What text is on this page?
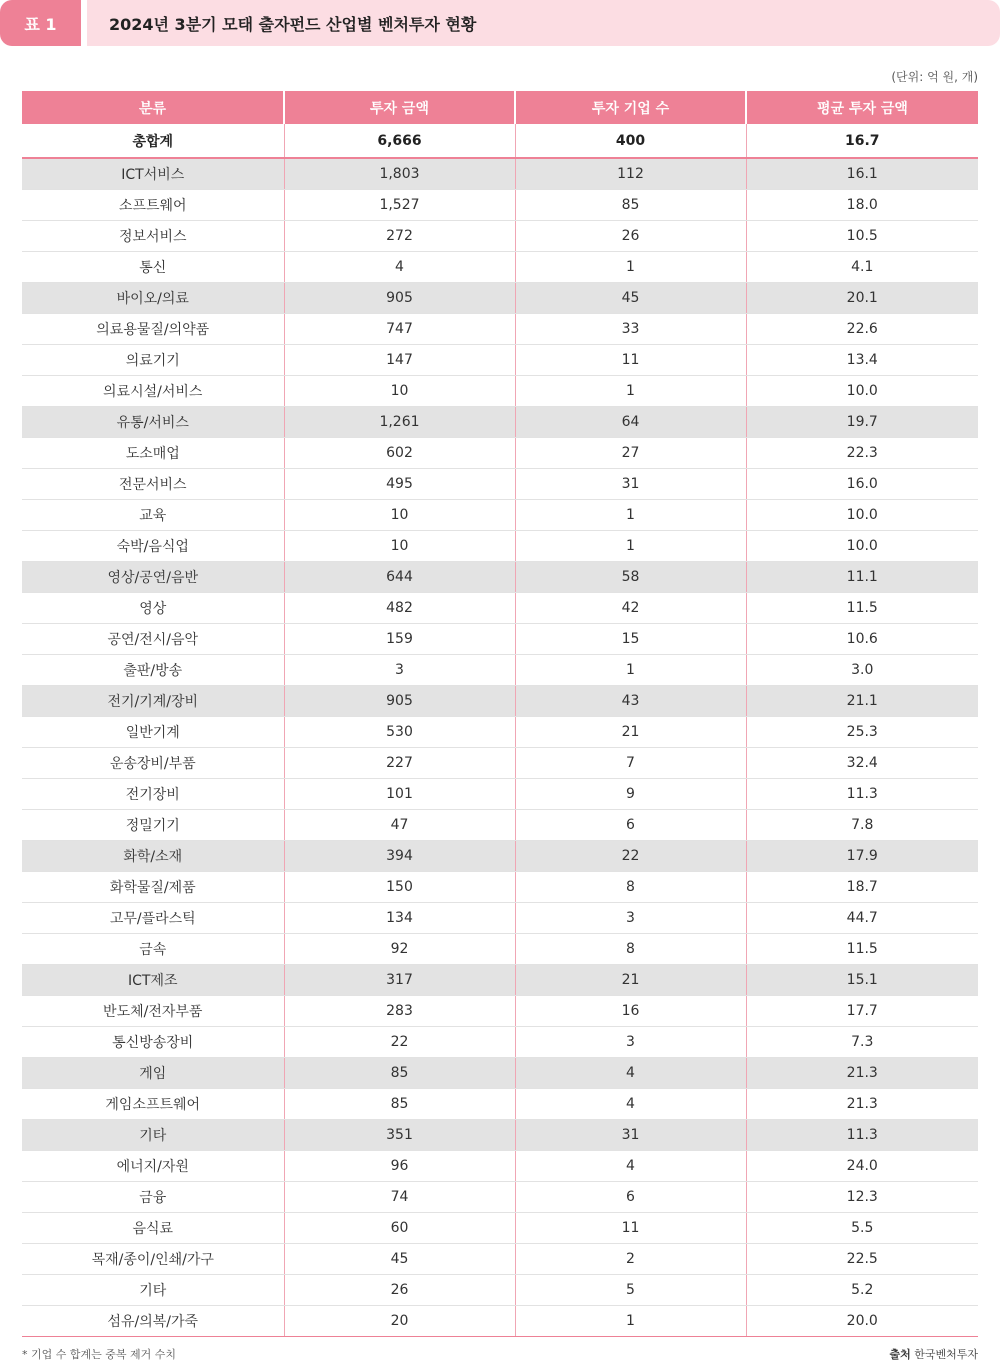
표 1	2024년 3분기 모태 출자펀드 산업별 벤처투자 현황
(단위: 억 원, 개)
분류	투자 금액	투자 기업 수	평균 투자 금액
총합계	6,666	400	16.7
ICT서비스	1,803	112	16.1
소프트웨어	1,527	85	18.0
정보서비스	272	26	10.5
통신	4	1	4.1
바이오/의료	905	45	20.1
의료용물질/의약품	747	33	22.6
의료기기	147	11	13.4
의료시설/서비스	10	1	10.0
유통/서비스	1,261	64	19.7
도소매업	602	27	22.3
전문서비스	495	31	16.0
교육	10	1	10.0
숙박/음식업	10	1	10.0
영상/공연/음반	644	58	11.1
영상	482	42	11.5
공연/전시/음악	159	15	10.6
출판/방송	3	1	3.0
전기/기계/장비	905	43	21.1
일반기계	530	21	25.3
운송장비/부품	227	7	32.4
전기장비	101	9	11.3
정밀기기	47	6	7.8
화학/소재	394	22	17.9
화학물질/제품	150	8	18.7
고무/플라스틱	134	3	44.7
금속	92	8	11.5
ICT제조	317	21	15.1
반도체/전자부품	283	16	17.7
통신방송장비	22	3	7.3
게임	85	4	21.3
게임소프트웨어	85	4	21.3
기타	351	31	11.3
에너지/자원	96	4	24.0
금융	74	6	12.3
음식료	60	11	5.5
목재/종이/인쇄/가구	45	2	22.5
기타	26	5	5.2
섬유/의복/가죽	20	1	20.0
* 기업 수 합계는 중복 제거 수치	출처 한국벤처투자
